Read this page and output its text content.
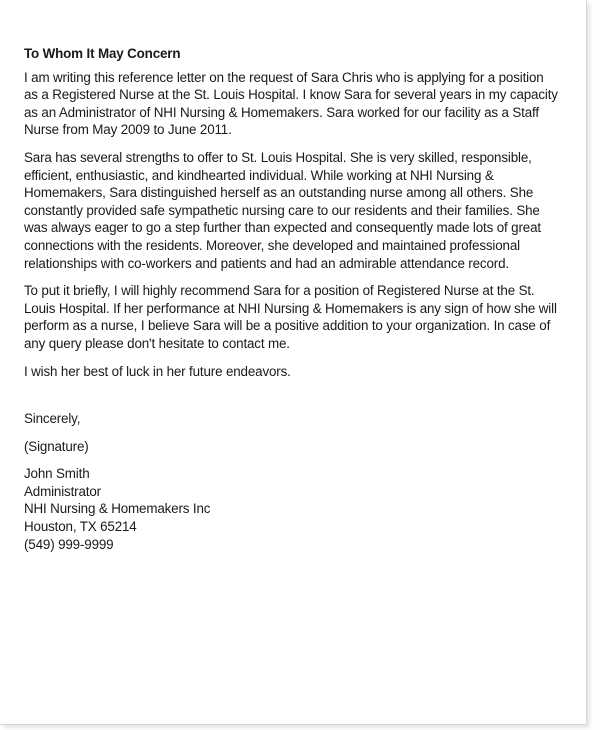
To Whom It May Concern

I am writing this reference letter on the request of Sara Chris who is applying for a position as a Registered Nurse at the St. Louis Hospital. I know Sara for several years in my capacity as an Administrator of NHI Nursing & Homemakers. Sara worked for our facility as a Staff Nurse from May 2009 to June 2011.

Sara has several strengths to offer to St. Louis Hospital. She is very skilled, responsible, efficient, enthusiastic, and kindhearted individual. While working at NHI Nursing & Homemakers, Sara distinguished herself as an outstanding nurse among all others. She constantly provided safe sympathetic nursing care to our residents and their families. She was always eager to go a step further than expected and consequently made lots of great connections with the residents. Moreover, she developed and maintained professional relationships with co-workers and patients and had an admirable attendance record.

To put it briefly, I will highly recommend Sara for a position of Registered Nurse at the St. Louis Hospital. If her performance at NHI Nursing & Homemakers is any sign of how she will perform as a nurse, I believe Sara will be a positive addition to your organization. In case of any query please don't hesitate to contact me.

I wish her best of luck in her future endeavors.

Sincerely,

(Signature)

John Smith
Administrator
NHI Nursing & Homemakers Inc
Houston, TX 65214
(549) 999-9999
